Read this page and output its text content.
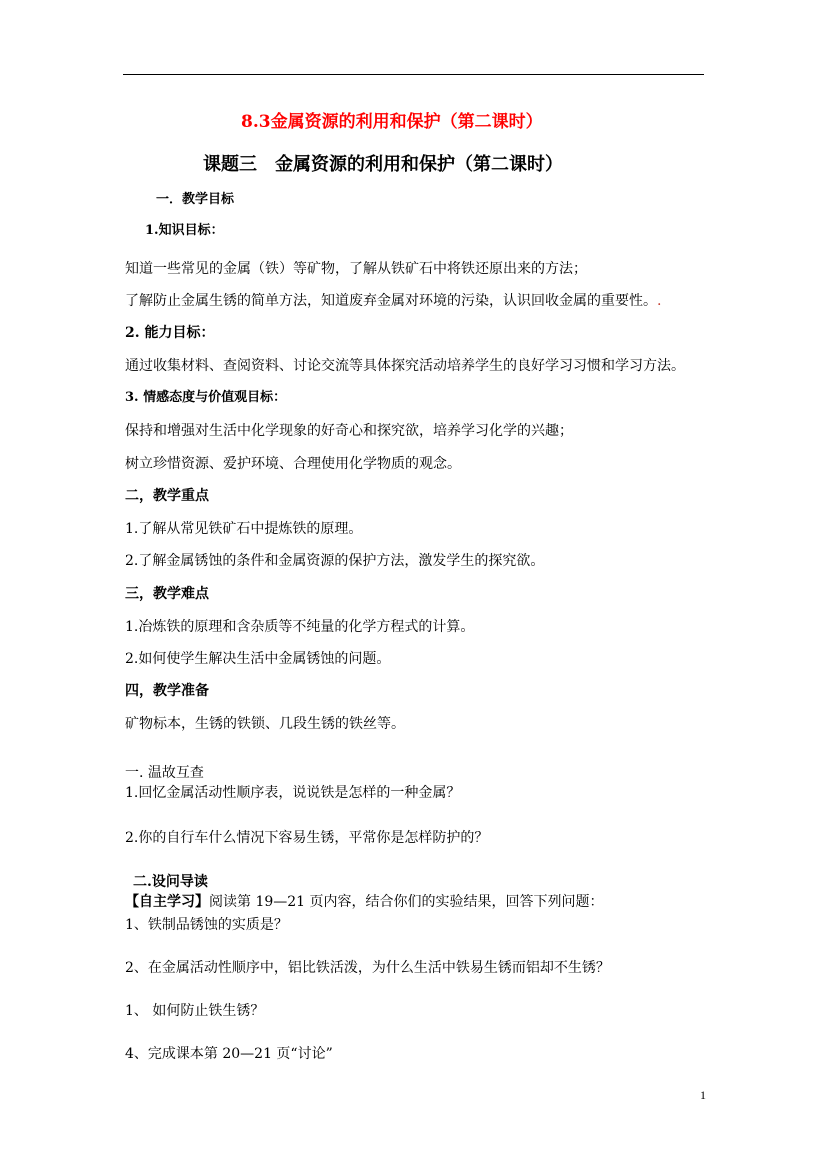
8.3金属资源的利用和保护（第二课时）
课题三　金属资源的利用和保护（第二课时）
一．教学目标
1.知识目标：
知道一些常见的金属（铁）等矿物，了解从铁矿石中将铁还原出来的方法；
了解防止金属生锈的简单方法，知道废弃金属对环境的污染，认识回收金属的重要性。.
2. 能力目标：
通过收集材料、查阅资料、讨论交流等具体探究活动培养学生的良好学习习惯和学习方法。
3. 情感态度与价值观目标：
保持和增强对生活中化学现象的好奇心和探究欲，培养学习化学的兴趣；
树立珍惜资源、爱护环境、合理使用化学物质的观念。
二，教学重点
1.了解从常见铁矿石中提炼铁的原理。
2.了解金属锈蚀的条件和金属资源的保护方法，激发学生的探究欲。
三，教学难点
1.冶炼铁的原理和含杂质等不纯量的化学方程式的计算。
2.如何使学生解决生活中金属锈蚀的问题。
四，教学准备
矿物标本，生锈的铁锁、几段生锈的铁丝等。
一. 温故互查
1.回忆金属活动性顺序表，说说铁是怎样的一种金属？
2.你的自行车什么情况下容易生锈，平常你是怎样防护的？
二.设问导读
【自主学习】阅读第 19—21 页内容，结合你们的实验结果，回答下列问题：
1、铁制品锈蚀的实质是？
2、在金属活动性顺序中，铝比铁活泼，为什么生活中铁易生锈而铝却不生锈？
1、 如何防止铁生锈？
4、完成课本第 20—21 页“讨论”
1
